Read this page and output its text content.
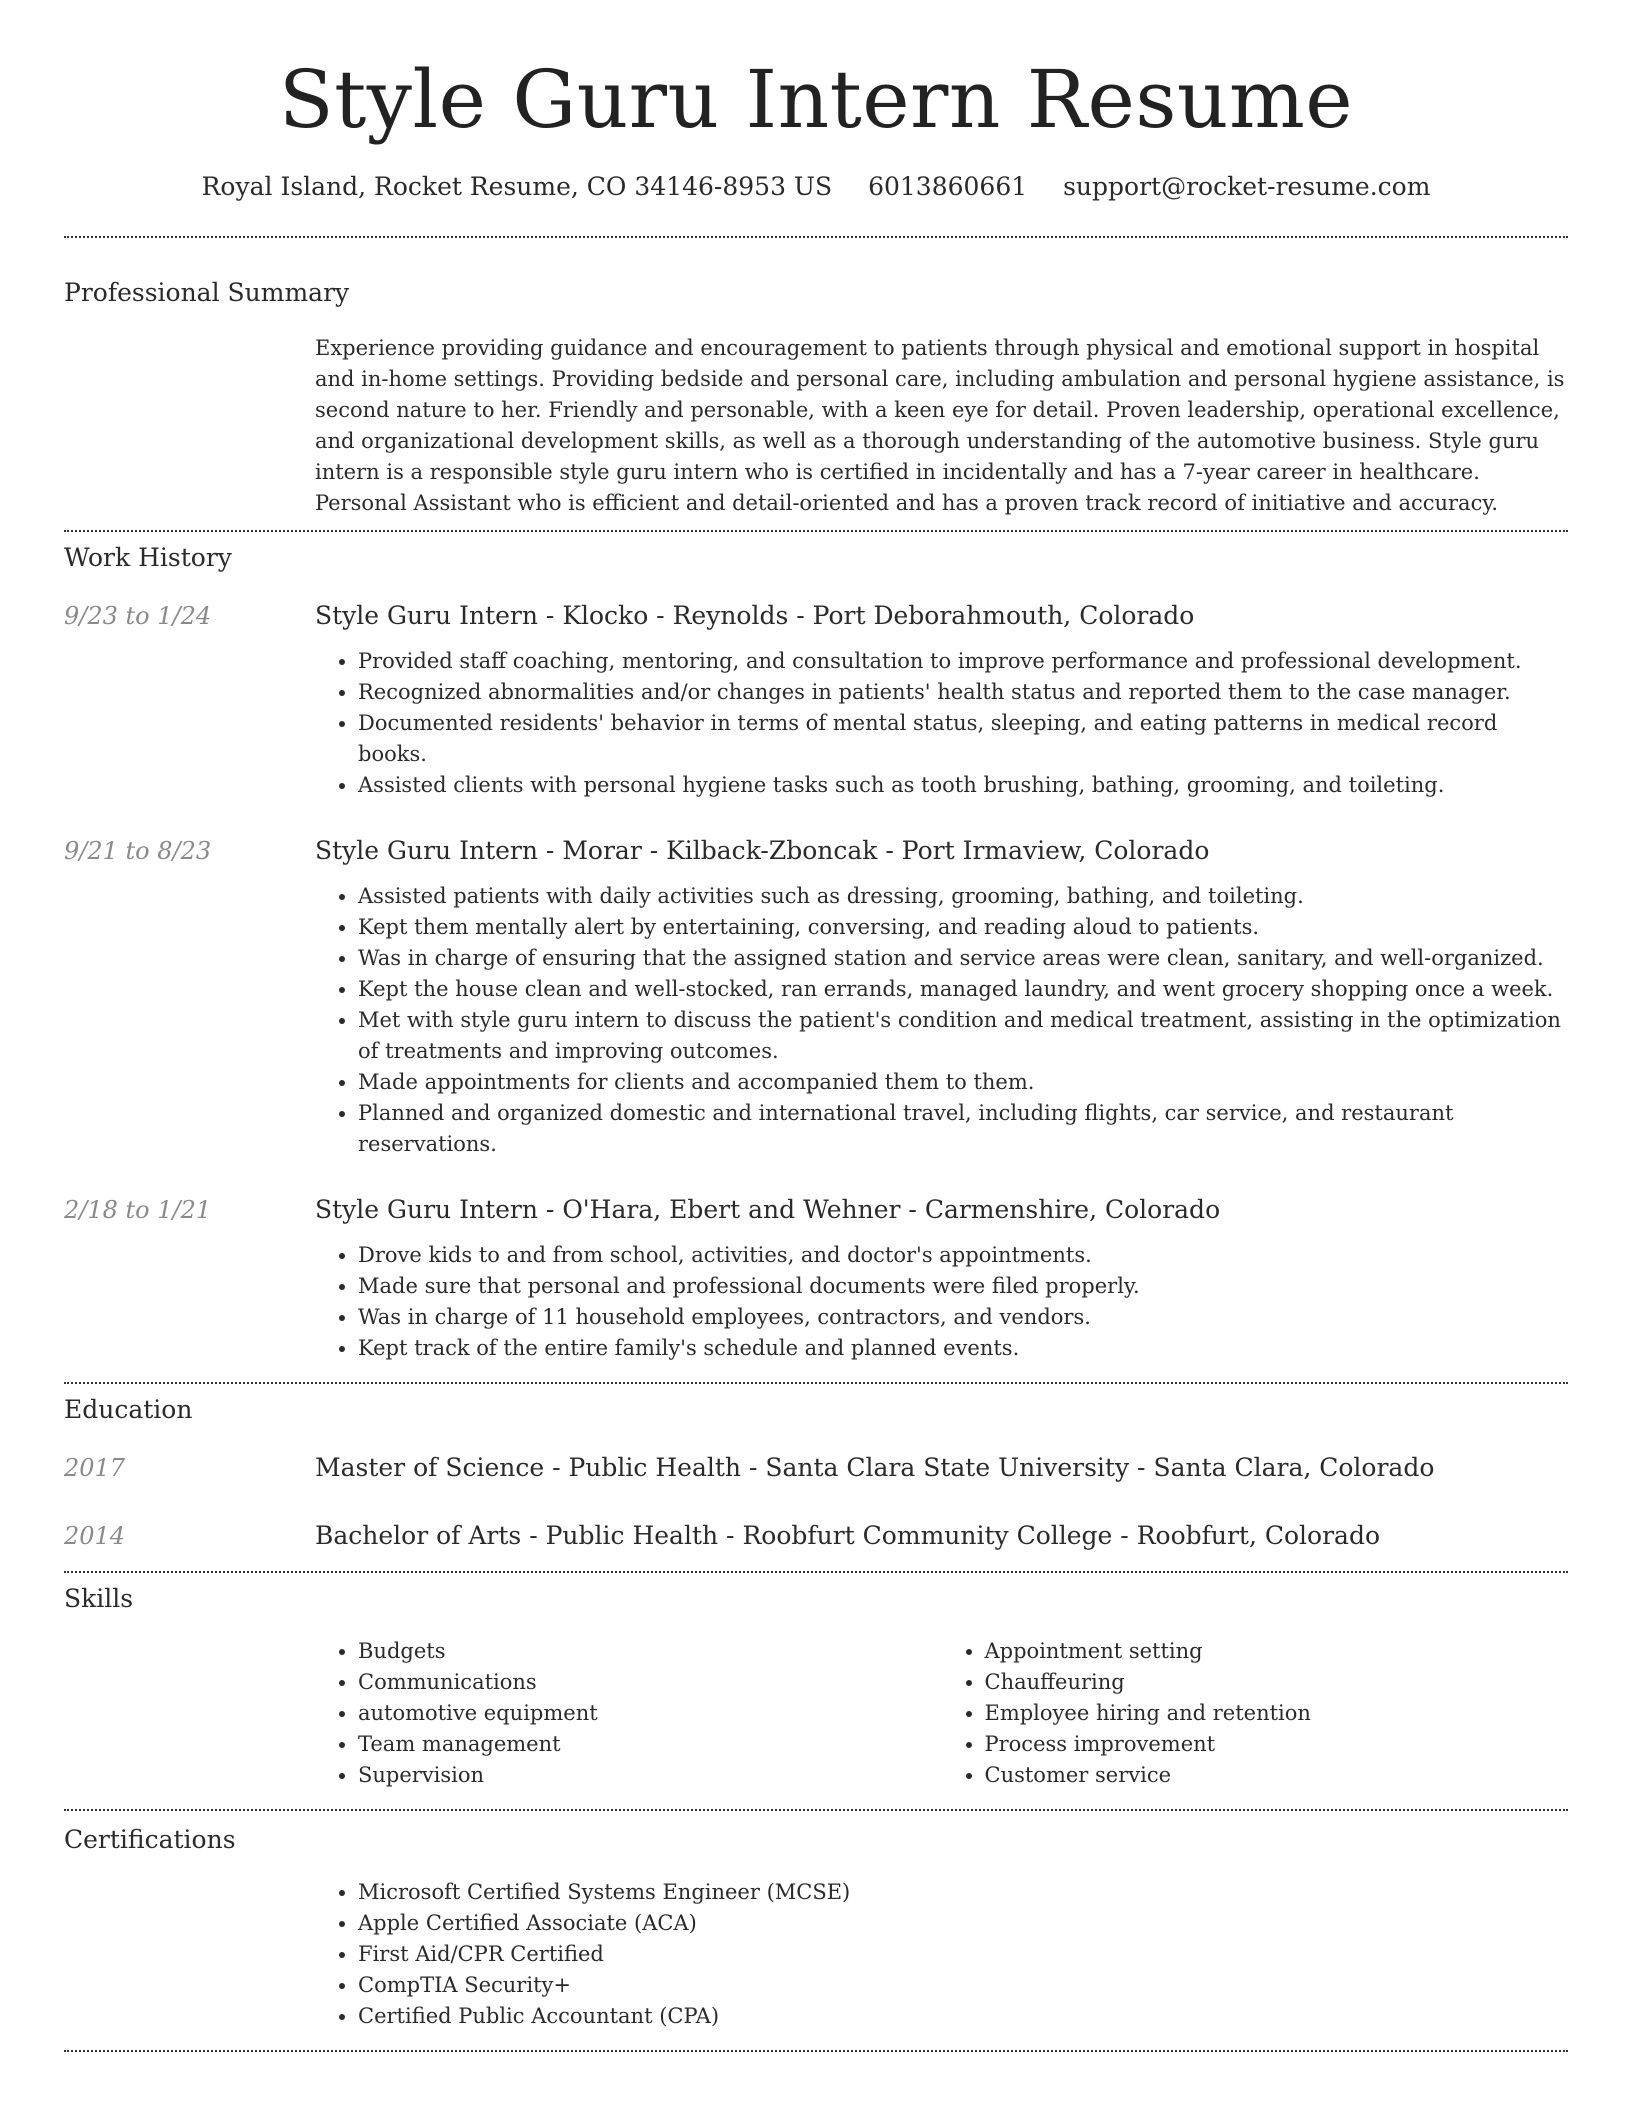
Style Guru Intern Resume
Royal Island, Rocket Resume, CO 34146-8953 US 6013860661 support@rocket-resume.com
Professional Summary

Experience providing guidance and encouragement to patients through physical and emotional support in hospital and in-home settings. Providing bedside and personal care, including ambulation and personal hygiene assistance, is second nature to her. Friendly and personable, with a keen eye for detail. Proven leadership, operational excellence, and organizational development skills, as well as a thorough understanding of the automotive business. Style guru intern is a responsible style guru intern who is certified in incidentally and has a 7-year career in healthcare. Personal Assistant who is efficient and detail-oriented and has a proven track record of initiative and accuracy.

Work History
9/23 to 1/24	Style Guru Intern - Klocko - Reynolds - Port Deborahmouth, Colorado
• Provided staff coaching, mentoring, and consultation to improve performance and professional development.
• Recognized abnormalities and/or changes in patients' health status and reported them to the case manager.
• Documented residents' behavior in terms of mental status, sleeping, and eating patterns in medical record books.
• Assisted clients with personal hygiene tasks such as tooth brushing, bathing, grooming, and toileting.
9/21 to 8/23	Style Guru Intern - Morar - Kilback-Zboncak - Port Irmaview, Colorado
• Assisted patients with daily activities such as dressing, grooming, bathing, and toileting.
• Kept them mentally alert by entertaining, conversing, and reading aloud to patients.
• Was in charge of ensuring that the assigned station and service areas were clean, sanitary, and well-organized.
• Kept the house clean and well-stocked, ran errands, managed laundry, and went grocery shopping once a week.
• Met with style guru intern to discuss the patient's condition and medical treatment, assisting in the optimization of treatments and improving outcomes.
• Made appointments for clients and accompanied them to them.
• Planned and organized domestic and international travel, including flights, car service, and restaurant reservations.
2/18 to 1/21	Style Guru Intern - O'Hara, Ebert and Wehner - Carmenshire, Colorado
• Drove kids to and from school, activities, and doctor's appointments.
• Made sure that personal and professional documents were filed properly.
• Was in charge of 11 household employees, contractors, and vendors.
• Kept track of the entire family's schedule and planned events.
Education
2017	Master of Science - Public Health - Santa Clara State University - Santa Clara, Colorado
2014	Bachelor of Arts - Public Health - Roobfurt Community College - Roobfurt, Colorado
Skills
• Budgets
• Communications
• automotive equipment
• Team management
• Supervision
• Appointment setting
• Chauffeuring
• Employee hiring and retention
• Process improvement
• Customer service
Certifications
• Microsoft Certified Systems Engineer (MCSE)
• Apple Certified Associate (ACA)
• First Aid/CPR Certified
• CompTIA Security+
• Certified Public Accountant (CPA)
